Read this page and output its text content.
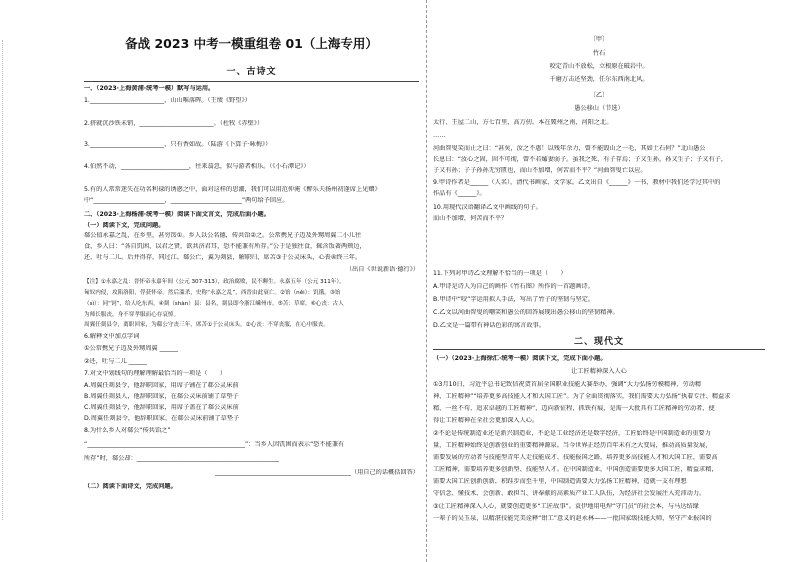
备战 2023 中考一模重组卷 01（上海专用）
一、古诗文
一、（2023·上海黄浦·统考一模）默写与运用。
1.________________________，山山唯落晖。（王绩《野望》）
2.挤就沉沙铁未销，________________________。（杜牧《赤壁》）
3.________________________，只有香如故。（陆游《卜算子·咏梅》）
4.伯然不动，______________________，往来翕忽，似与游者相乐。（《小石潭记》）
5.有的人常常迷失在功名利禄的诱惑之中，面对这样的思潮，我们可以用范仲淹《醉乐夫扬州初逢席上见赠》
中“_______________________，_______________________”两句给予回应。
二、（2023·上海杨浦·统考一模）阅读下面文言文，完成后面小题。
（一）阅读下文，完成问题。
郗公值永嘉之乱，在乡里，甚穷馁①。乡人以公名德，传共饴②之。公常携兄子迈及外甥周翼二小儿往
食，乡人曰：“各自饥困，以君之贤，欲共济君耳，恐不能兼有所存。”公于是独往食，辄含饭著两颊边，
还，吐与二儿。后并得存，同过江。郗公亡，翼为剡县，解职归，席苫③于公灵床头，心丧④终三年。
（出自《世说新语·德行》）
【注】①永嘉之乱：晋怀帝永嘉年间（公元 307-313），政治腐败，民不聊生。永嘉五年（公元 311年），
匈奴内侵，攻陷洛阳，俘获怀帝。然后滥杀，史称“永嘉之乱”，西晋由此衰亡。②饴（něi）：饥饿。③饴
（sì）：同“饲”，给人吃东西。④剡（shàn）县：县名，剡县即今浙江嵊州市。⑤苫：草席。⑥心丧：古人
为师长服丧，身不穿孝服而心存哀悼。
周翼任剡县令，离职回家，为郗公守丧三年，席苫①于公灵床头。②心丧：不穿丧服，在心中服丧。
6.解释文中加点字词
①公常携兄子迈及外甥周翼 ______
②还，吐与二儿 ______
7.对文中划线句的理解理解最恰当的一项是（　　）
A.周翼任剡县令，他辞职回家，用席子铺在了郗公灵床前
B.周翼任剡县人，他辞职回家，在郗公灵床前铺了草垫子
C.周翼任剡县令，他辞职回家，用席子盖在了郗公灵床前
D.周翼任剡县令，他辞职回家，在郗公灵床前铺了草垫子
8.为什么乡人对郗公“传共饴之”
“___________________________________________________”：当乡人因饥困而表示“恐不能兼有
所存”时，郗公却：______________________________________________
____________________________________________（用自己的话概括回答）
（二）阅读下面诗文，完成问题。
〔甲〕
竹石
咬定青山不放松，立根原在破岩中。
千磨万击还坚劲，任尔东西南北风。
〔乙〕
愚公移山（节选）
太行、王屋二山，方七百里，高万仞。本在冀州之南，河阳之北。
……
河曲智叟笑而止之曰：“甚矣，汝之不惠！以残年余力，曾不能毁山之一毛，其如土石何？”北山愚公
长息曰：“汝心之固，固不可彻，曾不若孀妻弱子。虽我之死，有子存焉；子又生孙，孙又生子；子又有子，
子又有孙；子子孙孙无穷匮也，而山不加增，何苦而不平？”河曲智叟亡以应。
9.甲诗作者是______（人名），清代书画家、文学家。乙文出自《______》一书，教材中我们还学过其中的
作品有《______》。
10.用现代汉语翻译乙文中画线的句子。
而山不加增，何苦而不平？
11.下列对甲诗乙文理解不恰当的一项是（　　）
A.甲诗是诗人为自己的画作《竹石图》所作的一首题画诗。
B.甲诗中“咬”字运用拟人手法，写出了竹子的坚韧与坚定。
C.乙文以河曲智叟的嘲笑和愚公的回答展现出愚公移山的坚韧精神。
D.乙文是一篇带有神话色彩的寓言故事。
（一）（2023·上海徐汇·统考一模）阅读下文，完成下面小题。
①3月10日，习近平总书记致信祝贺首届全国职业技能大赛举办，强调“大力弘扬劳模精神、劳动精
神、工匠精神”“培养更多高技能人才和大国工匠”。为了全面贯彻落实，我们需要大力弘扬“执着专注、精益求
精、一丝不苟、追求卓越的工匠精神”，迈向新征程，抓铁有痕，是需一大批具有工匠精神的劳动者，使
得让工匠精神在全社会更加深入人心。
②不论是传统制造业还是新兴制造业，不论是工业经济还是数字经济，工匠始终是中国制造业的重要力
量，工匠精神始终是创新创业的重要精神源泉。当今世界正经历百年未有之大变局，推动高质量发展，
需要发展的劳动者与技能型青年人走技能成才、技能报国之路，培养更多高技能人才和大国工匠，需要高
工匠精神，需要培养更多创新型、技能型人才。在中国制造业，中国创造需要更多大国工匠，精益求精，
需要大国工匠创新创新，积跬步而至千里，中国制造需要大力弘扬工匠精神，造就一支有理想
守信念、懂技术、会创新、敢担当、讲奉献的高素质产业工人队伍，为经济社会发展注入充沛动力。
③让工匠精神深入人心，就要创造更多“工匠故事”。袁伊地用电焊“守门员”的社会本，与马达结缘
一辈子的吴玉泉，以精湛技能完美诠释“钳工”意义的赵永林——一批国家级技能大师，坚守产业报国的
二、现代文
让工匠精神深入人心
